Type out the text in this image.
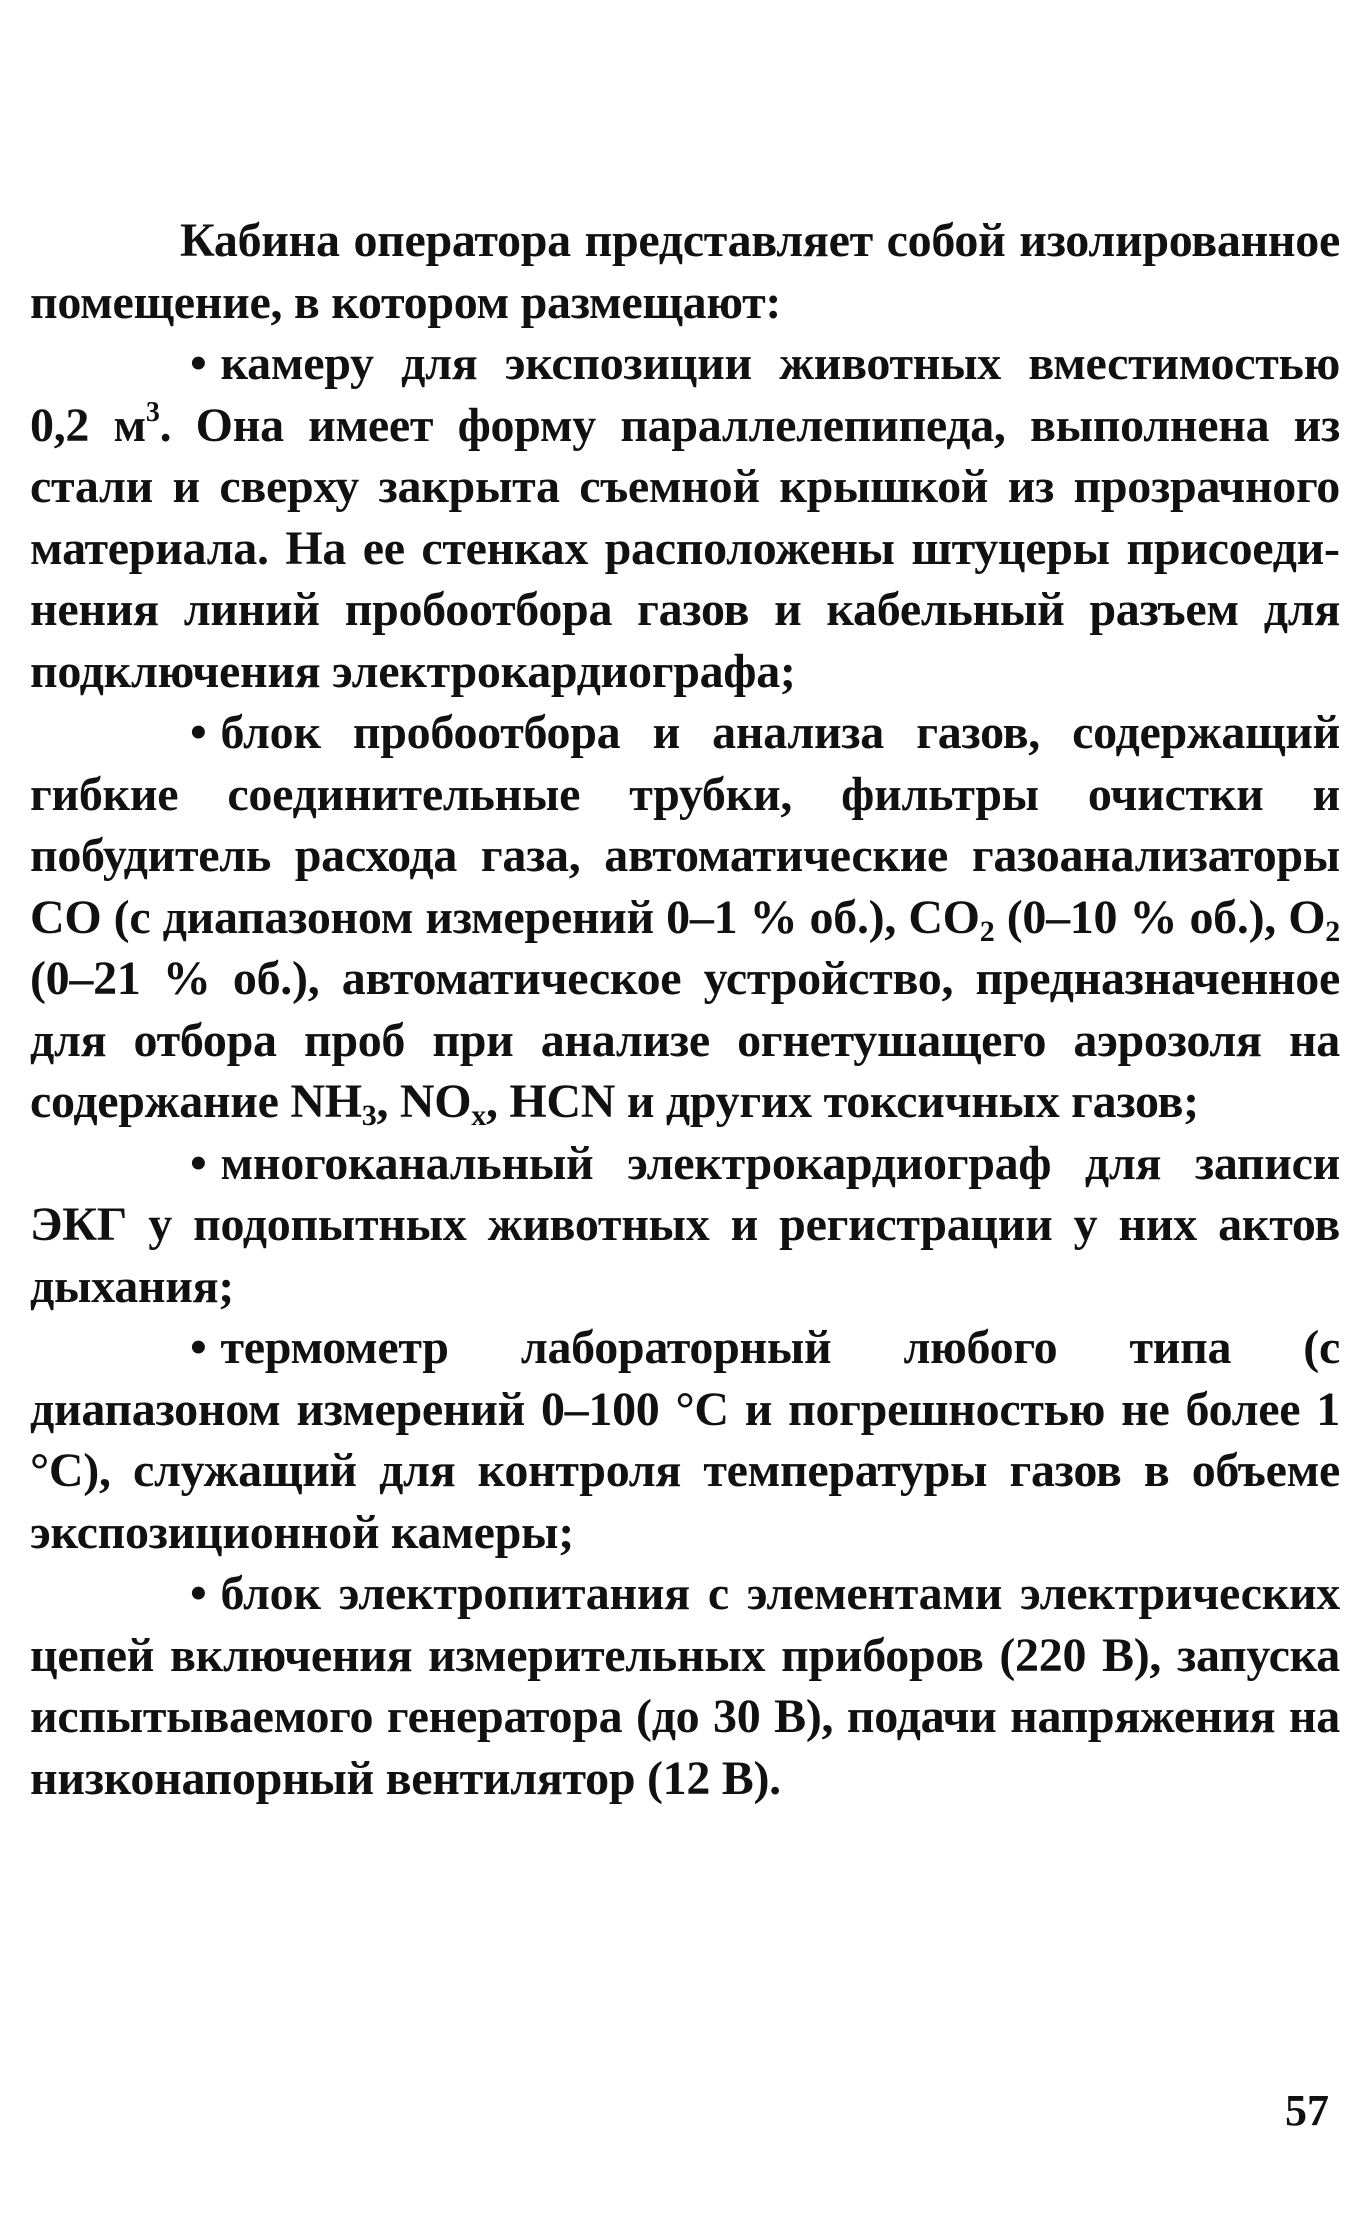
Кабина оператора представляет собой изолированное помещение, в котором размещают:

• камеру для экспозиции животных вместимостью 0,2 $м^3$. Она имеет форму параллелепипеда, выполнена из стали и сверху закрыта съемной крышкой из прозрачного материала. На ее стенках расположены штуцеры присоединения линий пробоотбора газов и кабельный разъем для подключения электрокардиографа;

• блок пробоотбора и анализа газов, содержащий гибкие соединительные трубки, фильтры очистки и побудитель расхода газа, автоматические газоанализаторы СО (с диапазоном измерений 0–1 % об.), $СО_2$ (0–10 % об.), $О_2$ (0–21 % об.), автоматическое устройство, предназначенное для отбора проб при анализе огнетушащего аэрозоля на содержание $NH_3$, $NO_x$, HCN и других токсичных газов;

• многоканальный электрокардиограф для записи ЭКГ у подопытных животных и регистрации у них актов дыхания;

• термометр лабораторный любого типа (с диапазоном измерений 0–100 °С и погрешностью не более 1 °С), служащий для контроля температуры газов в объеме экспозиционной камеры;

• блок электропитания с элементами электрических цепей включения измерительных приборов (220 В), запуска испытываемого генератора (до 30 В), подачи напряжения на низконапорный вентилятор (12 В).

57
